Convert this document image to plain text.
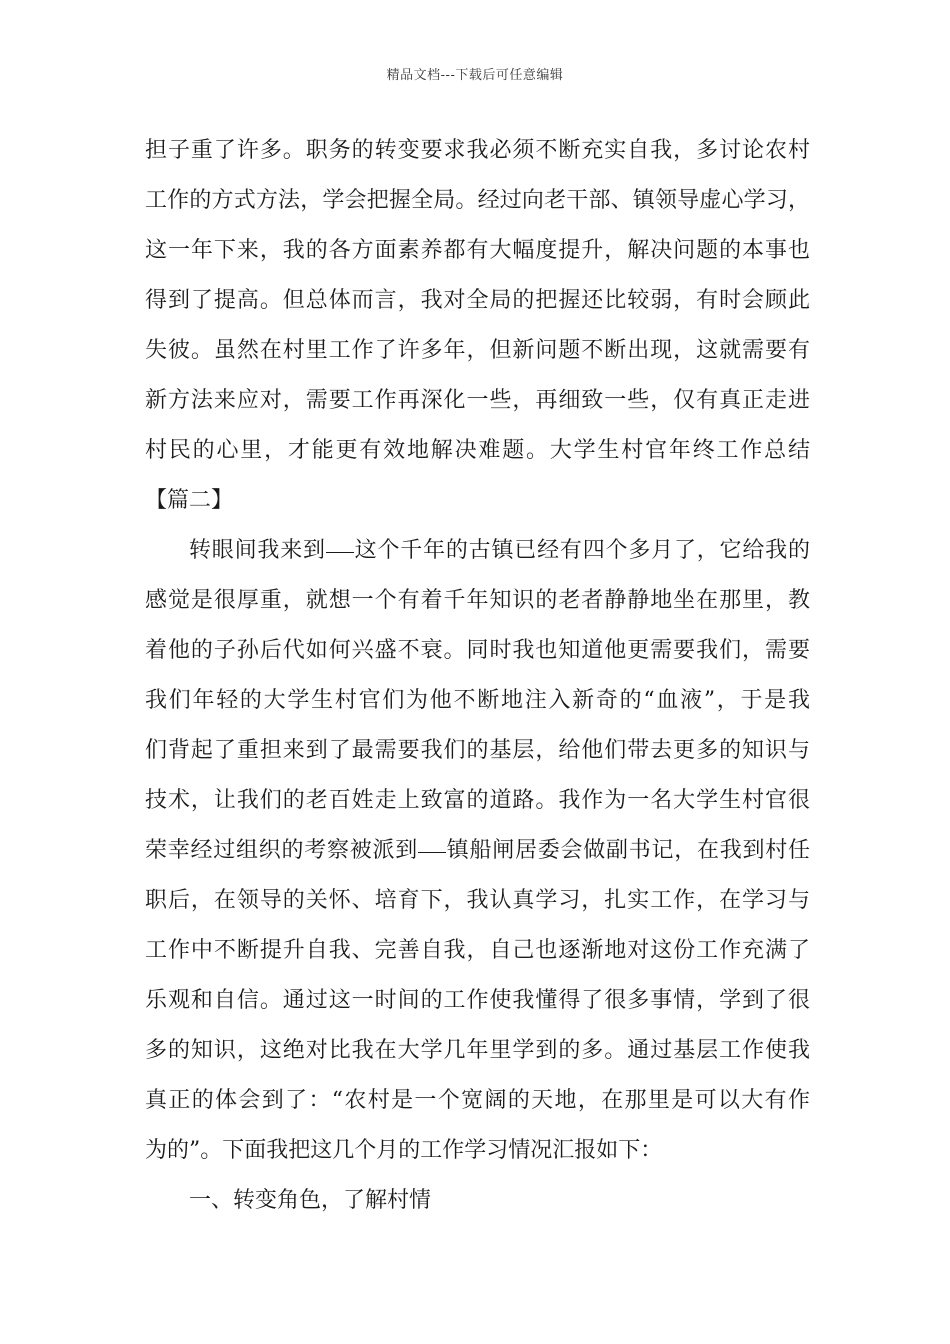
精品文档---下载后可任意编辑
担子重了许多。职务的转变要求我必须不断充实自我，多讨论农村
工作的方式方法，学会把握全局。经过向老干部、镇领导虚心学习，
这一年下来，我的各方面素养都有大幅度提升，解决问题的本事也
得到了提高。但总体而言，我对全局的把握还比较弱，有时会顾此
失彼。虽然在村里工作了许多年，但新问题不断出现，这就需要有
新方法来应对，需要工作再深化一些，再细致一些，仅有真正走进
村民的心里，才能更有效地解决难题。大学生村官年终工作总结
【篇二】
转眼间我来到 这个千年的古镇已经有四个多月了，它给我的
感觉是很厚重，就想一个有着千年知识的老者静静地坐在那里，教
着他的子孙后代如何兴盛不衰。同时我也知道他更需要我们，需要
我们年轻的大学生村官们为他不断地注入新奇的“血液”，于是我
们背起了重担来到了最需要我们的基层，给他们带去更多的知识与
技术，让我们的老百姓走上致富的道路。我作为一名大学生村官很
荣幸经过组织的考察被派到 镇船闸居委会做副书记，在我到村任
职后，在领导的关怀、培育下，我认真学习，扎实工作，在学习与
工作中不断提升自我、完善自我，自己也逐渐地对这份工作充满了
乐观和自信。通过这一时间的工作使我懂得了很多事情，学到了很
多的知识，这绝对比我在大学几年里学到的多。通过基层工作使我
真正的体会到了：“农村是一个宽阔的天地，在那里是可以大有作
为的”。下面我把这几个月的工作学习情况汇报如下：
一、转变角色，了解村情
